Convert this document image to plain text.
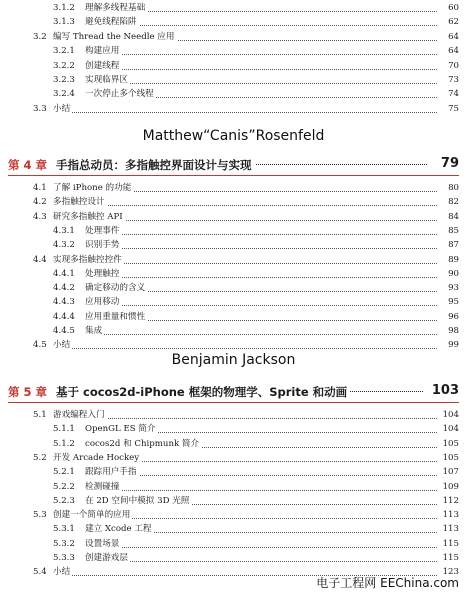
3.1.2 理解多线程基础	60
3.1.3 避免线程陷阱	62
3.2 编写 Thread the Needle 应用	64
3.2.1 构建应用	64
3.2.2 创建线程	70
3.2.3 实现临界区	73
3.2.4 一次停止多个线程	74
3.3 小结	75
Matthew“Canis”Rosenfeld
第 4 章 手指总动员：多指触控界面设计与实现	79
4.1 了解 iPhone 的功能	80
4.2 多指触控设计	82
4.3 研究多指触控 API	84
4.3.1 处理事件	85
4.3.2 识别手势	87
4.4 实现多指触控控件	89
4.4.1 处理触控	90
4.4.2 确定移动的含义	93
4.4.3 应用移动	95
4.4.4 应用重量和惯性	96
4.4.5 集成	98
4.5 小结	99
Benjamin Jackson
第 5 章 基于 cocos2d-iPhone 框架的物理学、Sprite 和动画	103
5.1 游戏编程入门	104
5.1.1 OpenGL ES 简介	104
5.1.2 cocos2d 和 Chipmunk 简介	105
5.2 开发 Arcade Hockey	105
5.2.1 跟踪用户手指	107
5.2.2 检测碰撞	109
5.2.3 在 2D 空间中模拟 3D 光照	112
5.3 创建一个简单的应用	113
5.3.1 建立 Xcode 工程	113
5.3.2 设置场景	115
5.3.3 创建游戏层	115
5.4 小结	123
电子工程网 EEChina.com
